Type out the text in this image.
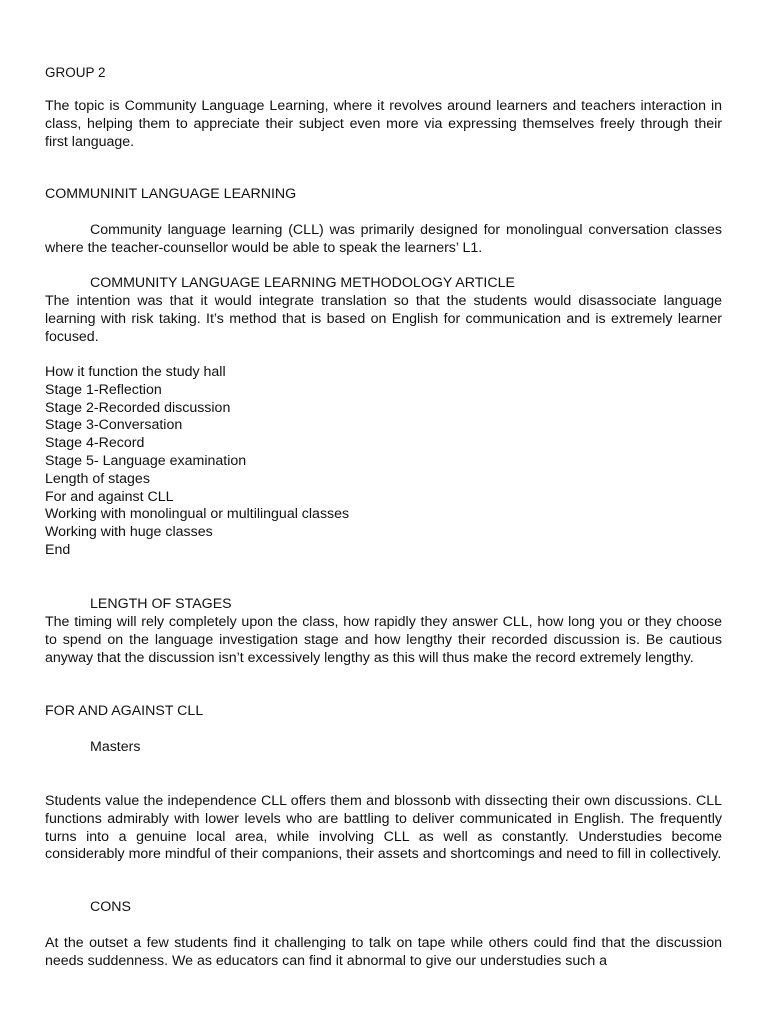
GROUP 2

The topic is Community Language Learning, where it revolves around learners and teachers interaction in class, helping them to appreciate their subject even more via expressing themselves freely through their first language.

COMMUNINIT LANGUAGE LEARNING

Community language learning (CLL) was primarily designed for monolingual conversation classes where the teacher-counsellor would be able to speak the learners’ L1.

COMMUNITY LANGUAGE LEARNING METHODOLOGY ARTICLE

The intention was that it would integrate translation so that the students would disassociate language learning with risk taking. It’s method that is based on English for communication and is extremely learner focused.

How it function the study hall
Stage 1-Reflection
Stage 2-Recorded discussion
Stage 3-Conversation
Stage 4-Record
Stage 5- Language examination
Length of stages
For and against CLL
Working with monolingual or multilingual classes
Working with huge classes
End
LENGTH OF STAGES

The timing will rely completely upon the class, how rapidly they answer CLL, how long you or they choose to spend on the language investigation stage and how lengthy their recorded discussion is. Be cautious anyway that the discussion isn’t excessively lengthy as this will thus make the record extremely lengthy.

FOR AND AGAINST CLL
Masters

Students value the independence CLL offers them and blossonb with dissecting their own discussions. CLL functions admirably with lower levels who are battling to deliver communicated in English. The frequently turns into a genuine local area, while involving CLL as well as constantly. Understudies become considerably more mindful of their companions, their assets and shortcomings and need to fill in collectively.

CONS

At the outset a few students find it challenging to talk on tape while others could find that the discussion needs suddenness. We as educators can find it abnormal to give our understudies such a
